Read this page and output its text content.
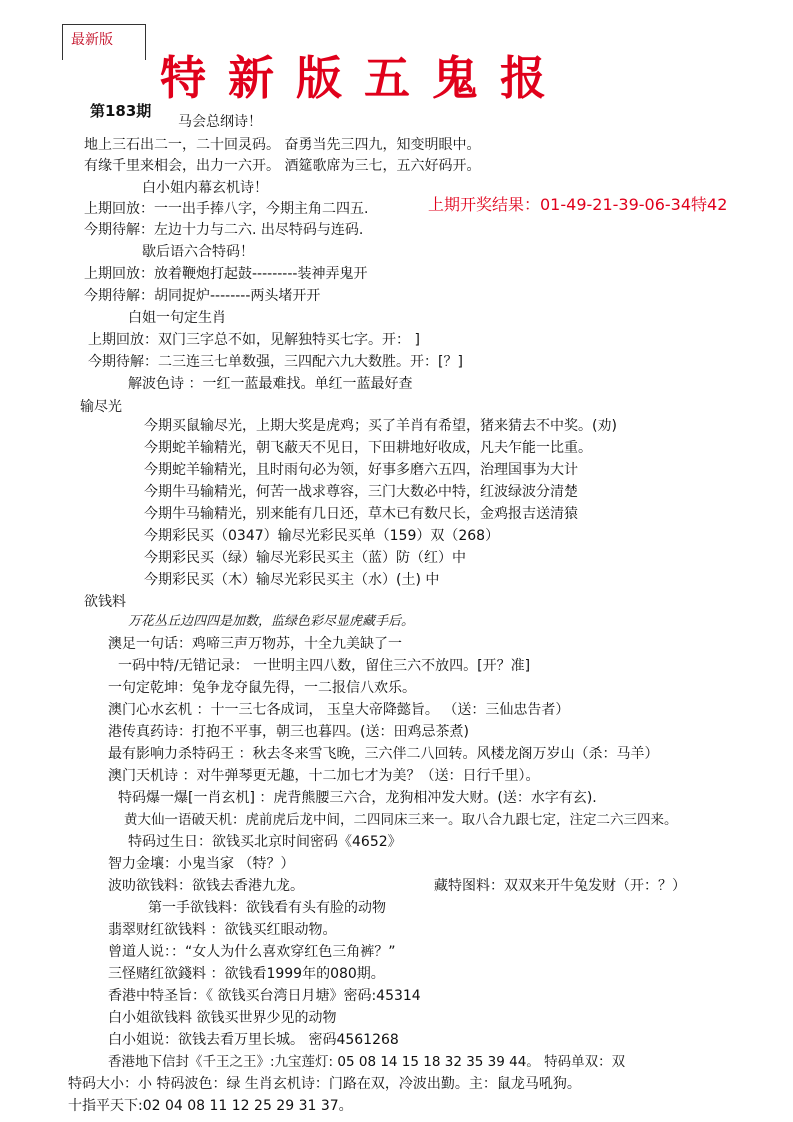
最新版
特新版五鬼报
第183期
上期开奖结果：01-49-21-39-06-34特42
马会总纲诗！
地上三石出二一，二十回灵码。 奋勇当先三四九，知变明眼中。
有缘千里来相会，出力一六开。 酒筵歌席为三七，五六好码开。
白小姐内幕玄机诗！
上期回放：一一出手捧八字，今期主角二四五.
今期待解：左边十力与二六. 出尽特码与连码.
歇后语六合特码！
上期回放：放着鞭炮打起鼓---------装神弄鬼开
今期待解：胡同捉炉--------两头堵开开
白姐一句定生肖
上期回放：双门三字总不如，见解独特买七字。开： ]
今期待解：二三连三七单数强，三四配六九大数胜。开：[？]
解波色诗 ：一红一蓝最难找。单红一蓝最好查
输尽光
今期买鼠输尽光，上期大奖是虎鸡；买了羊肖有希望，猪来猜去不中奖。(劝)
今期蛇羊输精光，朝飞蔽天不见日，下田耕地好收成，凡夫乍能一比重。
今期蛇羊输精光，且时雨句必为领，好事多磨六五四，治理国事为大计
今期牛马输精光，何苦一战求尊容，三门大数必中特，红波绿波分清楚
今期牛马输精光，别来能有几日还，草木已有数尺长，金鸡报吉送清猿
今期彩民买（0347）输尽光彩民买单（159）双（268）
今期彩民买（绿）输尽光彩民买主（蓝）防（红）中
今期彩民买（木）输尽光彩民买主（水）(土) 中
欲钱料
万花丛丘边四四是加数，监绿色彩尽显虎藏手后。
澳足一句话：鸡啼三声万物苏，十全九美缺了一
一码中特/无错记录： 一世明主四八数，留住三六不放四。[开？准]
一句定乾坤：兔争龙夺鼠先得，一二报信八欢乐。
澳门心水玄机 ：十一三七各成词， 玉皇大帝降懿旨。 （送：三仙忠告者）
港传真药诗：打抱不平事，朝三也暮四。(送：田鸡忌茶煮)
最有影响力杀特码王 ：秋去冬来雪飞晚，三六伴二八回转。风楼龙阁万岁山（杀：马羊）
澳门天机诗 ：对牛弹琴更无趣，十二加七才为美？（送：日行千里）。
特码爆一爆[一肖玄机] ：虎背熊腰三六合，龙狗相冲发大财。(送：水字有玄).
黄大仙一语破天机：虎前虎后龙中间，二四同床三来一。取八合九跟七定，注定二六三四来。
特码过生日：欲钱买北京时间密码《4652》
智力金壤：小鬼当家 （特？）
波叻欲钱料：欲钱去香港九龙。	藏特图料：双双来开牛兔发财（开：？）
第一手欲钱料：欲钱看有头有脸的动物
翡翠财红欲钱料 ：欲钱买红眼动物。
曾道人说：：“女人为什么喜欢穿红色三角裤？”
三怪赌红欲錢料 ：欲钱看1999年的080期。
香港中特圣旨：《 欲钱买台湾日月塘》密码:45314
白小姐欲钱料 欲钱买世界少见的动物
白小姐说：欲钱去看万里长城。 密码4561268
香港地下信封《千王之王》:九宝莲灯: 05 08 14 15 18 32 35 39 44。 特码单双：双
特码大小：小 特码波色：绿 生肖玄机诗：门路在双，冷波出勤。主：鼠龙马吼狗。
十指平天下:02 04 08 11 12 25 29 31 37。
